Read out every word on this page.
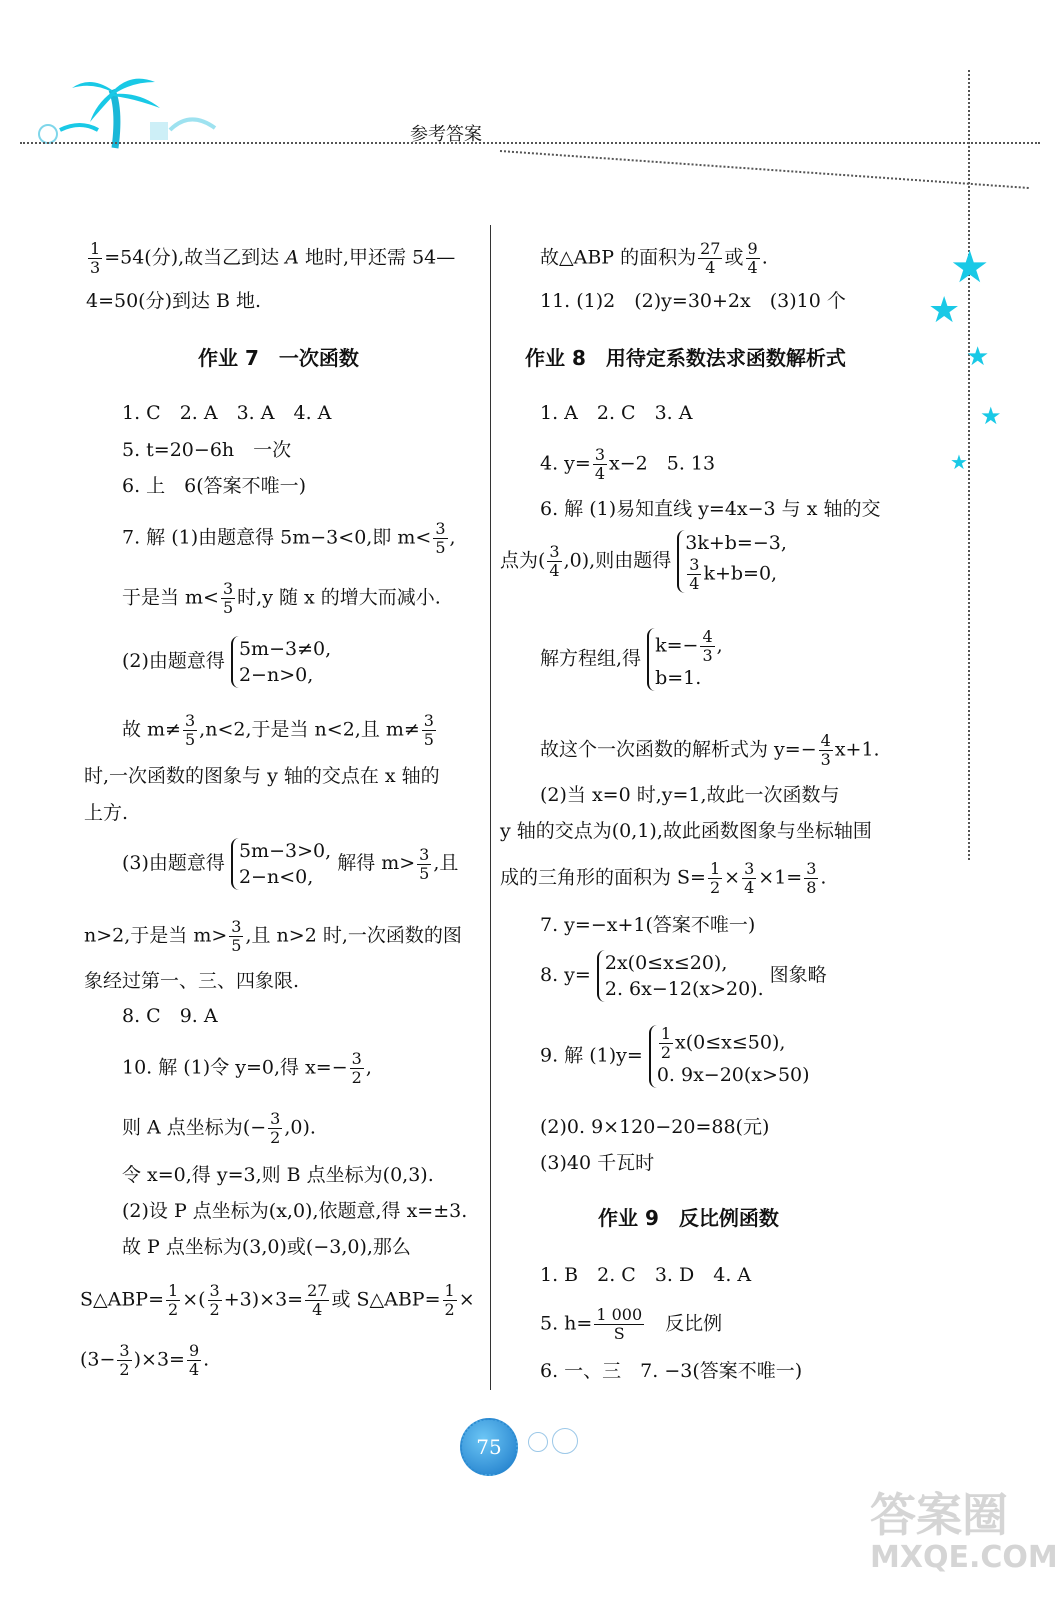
参考答案
★
★
★
★
★
$\frac{1}{3} =54$(分),故当乙到达 A 地时,甲还需 54—
4=50(分)到达 B 地.
作业 7　一次函数
1. C　2. A　3. A　4. A
5. t=20−6h　一次
6. 上　6(答案不唯一)
7. 解 (1)由题意得 5m−3<0,即 $m< \frac{3}{5}$ ,
于是当 $m< \frac{3}{5}$ 时,y 随 x 的增大而减小.
(2)由题意得 5m−3≠0,
2−n>0,
故 $m\ne \frac{3}{5} ,n<2$,于是当 n<2,且 $m\ne \frac{3}{5}$
时,一次函数的图象与 y 轴的交点在 x 轴的
上方.
(3)由题意得 5m−3>0,
2−n<0, 解得 $m> \frac{3}{5}$ ,且
n>2,于是当 $m> \frac{3}{5}$ ,且 n>2 时,一次函数的图
象经过第一、三、四象限.
8. C　9. A
10. 解 (1)令 y=0,得 $x=- \frac{3}{2}$ ,
则 A 点坐标为(− $\frac{3}{2} ,0$).
令 x=0,得 y=3,则 B 点坐标为(0,3).
(2)设 P 点坐标为(x,0),依题意,得 x=±3.
故 P 点坐标为(3,0)或(−3,0),那么
S△ABP= $\frac{1}{2}$ ×( $\frac{3}{2} +3)\times 3= \frac{27}{4}$ 或 S△ABP= $\frac{1}{2}$ ×
$(3- \frac{3}{2} )\times 3= \frac{9}{4}$ .
故△ABP 的面积为 $\frac{27}{4}$ 或 $\frac{9}{4}$ .
11. (1)2　(2)y=30+2x　(3)10 个
作业 8　用待定系数法求函数解析式
1. A　2. C　3. A
4. $y= \frac{3}{4} x-2$　5. 13
6. 解 (1)易知直线 y=4x−3 与 x 轴的交
点为( $\frac{3}{4} ,0$),则由题得 3k+b=−3,

$\frac{3}{4} k+b=0$,
解方程组,得 $k=- \frac{4}{3}$ ,
b=1.
故这个一次函数的解析式为 $y=- \frac{4}{3} x+1$.
(2)当 x=0 时,y=1,故此一次函数与
y 轴的交点为(0,1),故此函数图象与坐标轴围
成的三角形的面积为 $S= \frac{1}{2} \times \frac{3}{4} \times 1= \frac{3}{8}$ .
7. y=−x+1(答案不唯一)
8. y= 2x(0≤x≤20),
2. 6x−12(x>20). 图象略
9. 解 $(1)y= \frac{1}{2} x(0\le x\le 50)$,
0. 9x−20(x>50)
(2)0. 9×120−20=88(元)
(3)40 千瓦时
作业 9　反比例函数
1. B　2. C　3. D　4. A
5. $h= \frac{1 000}{S}$
　 反比例
6. 一、三　7. −3(答案不唯一)
75
答案圈
MXQE.COM
